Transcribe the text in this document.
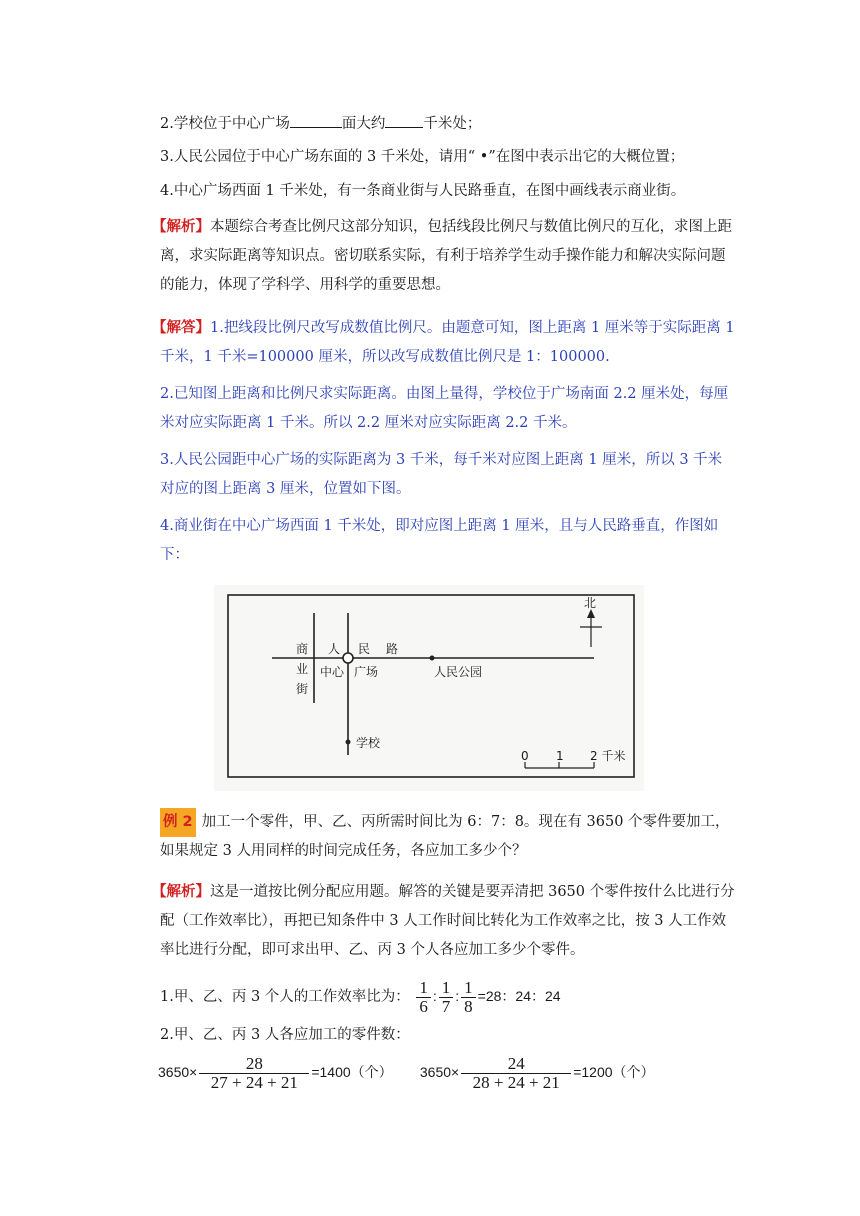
2.学校位于中心广场	面大约	千米处；
3.人民公园位于中心广场东面的 3 千米处，请用“ •”在图中表示出它的大概位置；
4.中心广场西面 1 千米处，有一条商业街与人民路垂直，在图中画线表示商业街。
【解析】本题综合考查比例尺这部分知识，包括线段比例尺与数值比例尺的互化，求图上距离，求实际距离等知识点。密切联系实际，有利于培养学生动手操作能力和解决实际问题的能力，体现了学科学、用科学的重要思想。
【解答】1.把线段比例尺改写成数值比例尺。由题意可知，图上距离 1 厘米等于实际距离 1 千米，1 千米=100000 厘米，所以改写成数值比例尺是 1：100000.
2.已知图上距离和比例尺求实际距离。由图上量得，学校位于广场南面 2.2 厘米处，每厘米对应实际距离 1 千米。所以 2.2 厘米对应实际距离 2.2 千米。
3.人民公园距中心广场的实际距离为 3 千米，每千米对应图上距离 1 厘米，所以 3 千米对应的图上距离 3 厘米，位置如下图。
4.商业街在中心广场西面 1 千米处，即对应图上距离 1 厘米，且与人民路垂直，作图如下：
北
商
业
街
人 民 路
中心 广场	人民公园
学校
0 1 2 千米
例 2 加工一个零件，甲、乙、丙所需时间比为 6：7：8。现在有 3650 个零件要加工，如果规定 3 人用同样的时间完成任务，各应加工多少个？
【解析】这是一道按比例分配应用题。解答的关键是要弄清把 3650 个零件按什么比进行分配（工作效率比），再把已知条件中 3 人工作时间比转化为工作效率之比，按 3 人工作效率比进行分配，即可求出甲、乙、丙 3 个人各应加工多少个零件。
1.甲、乙、丙 3 个人的工作效率比为： $\frac{1}{6}$ : $\frac{1}{7}$ : $\frac{1}{8} =28$：24：24
2.甲、乙、丙 3 人各应加工的零件数：
$3650\times \frac{28}{27 + 24 + 21} =1400$（个） $3650\times \frac{24}{28 + 24 + 21} =1200$（个）
